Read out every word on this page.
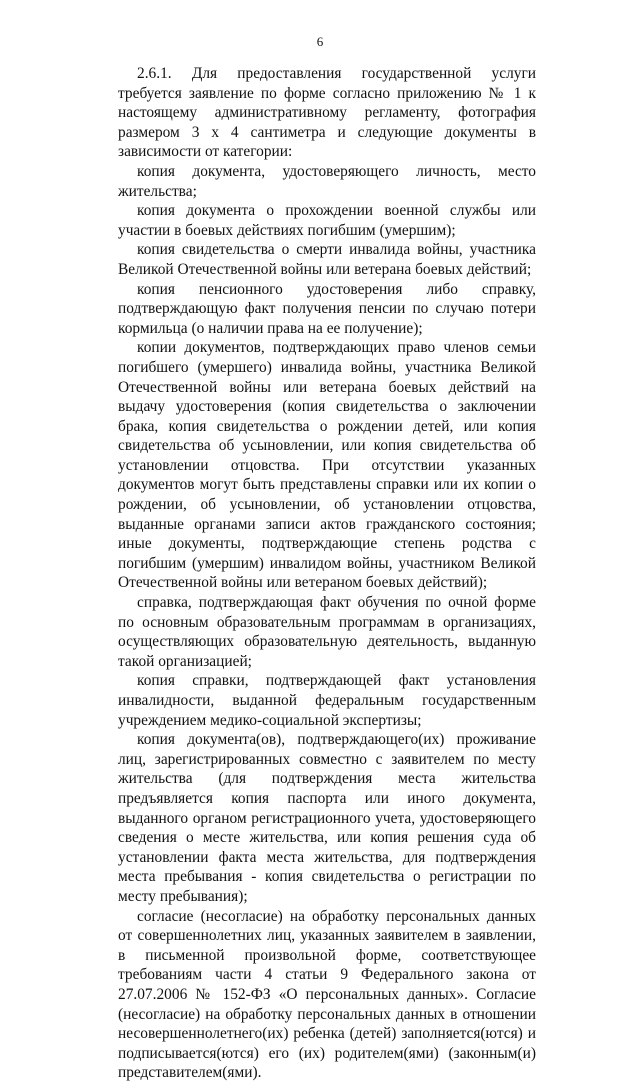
6

2.6.1. Для предоставления государственной услуги требуется заявление по форме согласно приложению № 1 к настоящему административному регламенту, фотография размером 3 х 4 сантиметра и следующие документы в зависимости от категории:

копия документа, удостоверяющего личность, место жительства;

копия документа о прохождении военной службы или участии в боевых действиях погибшим (умершим);

копия свидетельства о смерти инвалида войны, участника Великой Отечественной войны или ветерана боевых действий;

копия пенсионного удостоверения либо справку, подтверждающую факт получения пенсии по случаю потери кормильца (о наличии права на ее получение);

копии документов, подтверждающих право членов семьи погибшего (умершего) инвалида войны, участника Великой Отечественной войны или ветерана боевых действий на выдачу удостоверения (копия свидетельства о заключении брака, копия свидетельства о рождении детей, или копия свидетельства об усыновлении, или копия свидетельства об установлении отцовства. При отсутствии указанных документов могут быть представлены справки или их копии о рождении, об усыновлении, об установлении отцовства, выданные органами записи актов гражданского состояния; иные документы, подтверждающие степень родства с погибшим (умершим) инвалидом войны, участником Великой Отечественной войны или ветераном боевых действий);

справка, подтверждающая факт обучения по очной форме по основным образовательным программам в организациях, осуществляющих образовательную деятельность, выданную такой организацией;

копия справки, подтверждающей факт установления инвалидности, выданной федеральным государственным учреждением медико-социальной экспертизы;

копия документа(ов), подтверждающего(их) проживание лиц, зарегистрированных совместно с заявителем по месту жительства (для подтверждения места жительства предъявляется копия паспорта или иного документа, выданного органом регистрационного учета, удостоверяющего сведения о месте жительства, или копия решения суда об установлении факта места жительства, для подтверждения места пребывания - копия свидетельства о регистрации по месту пребывания);

согласие (несогласие) на обработку персональных данных от совершеннолетних лиц, указанных заявителем в заявлении, в письменной произвольной форме, соответствующее требованиям части 4 статьи 9 Федерального закона от 27.07.2006 № 152-ФЗ «О персональных данных». Согласие (несогласие) на обработку персональных данных в отношении несовершеннолетнего(их) ребенка (детей) заполняется(ются) и подписывается(ются) его (их) родителем(ями) (законным(и) представителем(ями).
